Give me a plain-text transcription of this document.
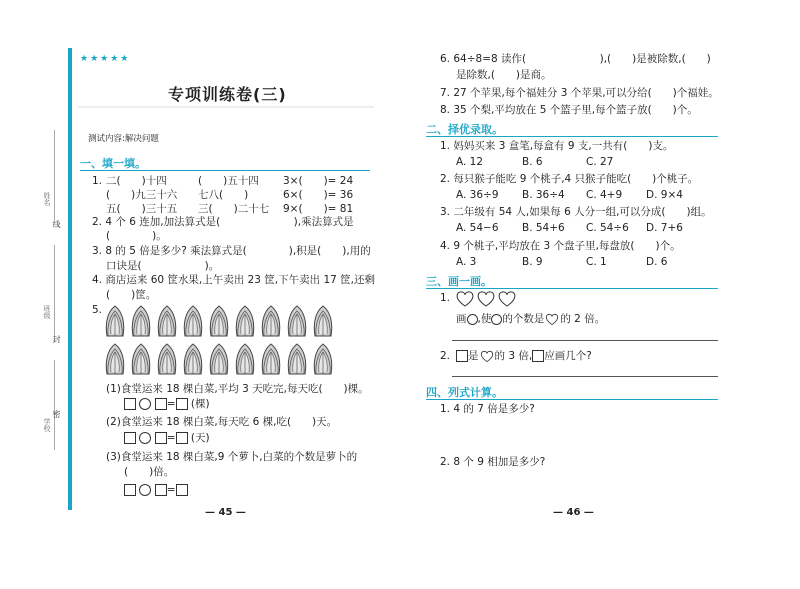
姓名
班级
学校
线
封
密
★★★★★
专项训练卷(三)
测试内容:解决问题
一、填一填。
1. 二(　　)十四	(　　)五十四 3×(　　)= 24
(　　)九三十六 七八(　　)	6×(　　)= 36
五(　　)三十五 三(　　)二十七 9×(　　)= 81
2. 4 个 6 连加,加法算式是(　　　　　　　),乘法算式是
(　　　　)。
3. 8 的 5 倍是多少? 乘法算式是(　　　　),积是(　　),用的
口诀是(　　　　　　)。
4. 商店运来 60 筐水果,上午卖出 23 筐,下午卖出 17 筐,还剩
(　　)筐。
5.
(1)食堂运来 18 棵白菜,平均 3 天吃完,每天吃(　　)棵。
= (棵)
(2)食堂运来 18 棵白菜,每天吃 6 棵,吃(　　)天。
= (天)
(3)食堂运来 18 棵白菜,9 个萝卜,白菜的个数是萝卜的
(　　)倍。
=
— 45 —
6. 64÷8=8 读作(　　　　　　　),(　　)是被除数,(　　)
是除数,(　　)是商。
7. 27 个苹果,每个福娃分 3 个苹果,可以分给(　　)个福娃。
8. 35 个梨,平均放在 5 个篮子里,每个篮子放(　　)个。
二、择优录取。
1. 妈妈买来 3 盒笔,每盒有 9 支,一共有(　　)支。
A. 12	B. 6	C. 27
2. 每只猴子能吃 9 个桃子,4 只猴子能吃(　　)个桃子。
A. 36÷9 B. 36÷4 C. 4+9 D. 9×4
3. 二年级有 54 人,如果每 6 人分一组,可以分成(　　)组。
A. 54−6 B. 54+6 C. 54÷6 D. 7+6
4. 9 个桃子,平均放在 3 个盘子里,每盘放(　　)个。
A. 3	B. 9	C. 1	D. 6
三、画一画。
1.
画 ,使 的个数是 的 2 倍。
2.	是 的 3 倍, 应画几个?
四、列式计算。
1. 4 的 7 倍是多少?
2. 8 个 9 相加是多少?
— 46 —
